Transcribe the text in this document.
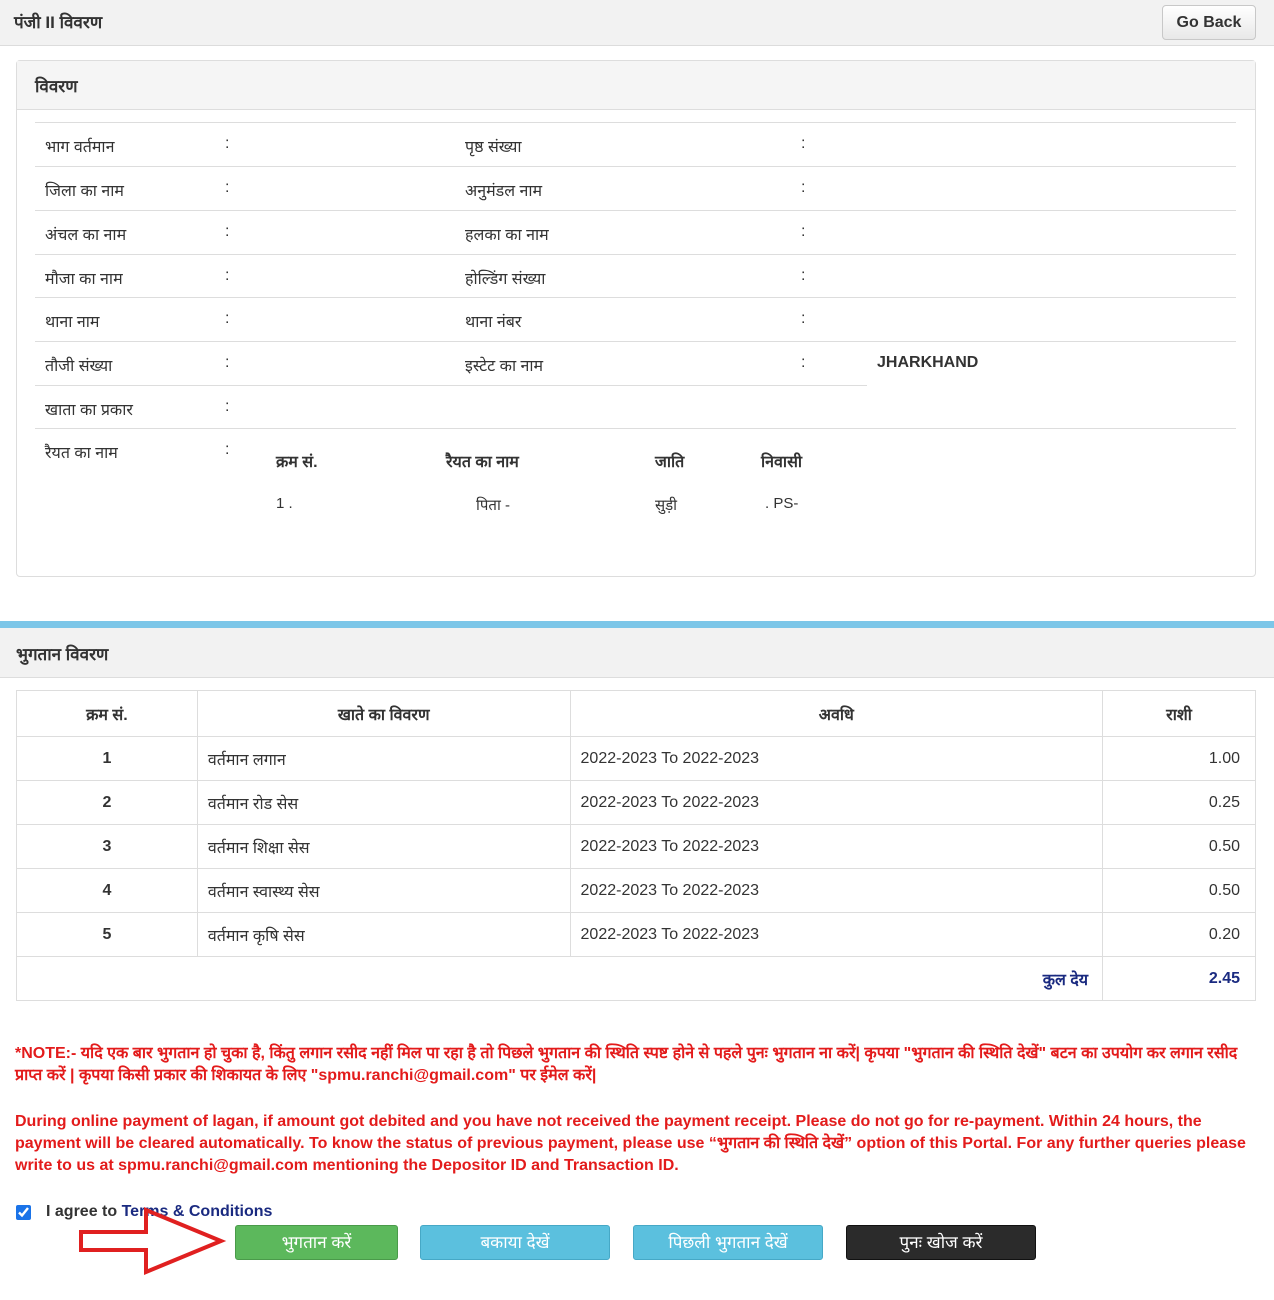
पंजी II विवरण	Go Back
विवरण
भाग वर्तमान	:	पृष्ठ संख्या	:
जिला का नाम	:	अनुमंडल नाम	:
अंचल का नाम	:	हलका का नाम	:
मौजा का नाम	:	होल्डिंग संख्या	:
थाना नाम	:	थाना नंबर	:
तौजी संख्या	:	इस्टेट का नाम	:	JHARKHAND
खाता का प्रकार	:
रैयत का नाम	:
क्रम सं.	रैयत का नाम	जाति	निवासी
1 .	पिता -	सुड़ी	. PS-
भुगतान विवरण
क्रम सं.	खाते का विवरण	अवधि	राशी
1	वर्तमान लगान	2022-2023 To 2022-2023	1.00
2	वर्तमान रोड सेस	2022-2023 To 2022-2023	0.25
3	वर्तमान शिक्षा सेस	2022-2023 To 2022-2023	0.50
4	वर्तमान स्वास्थ्य सेस	2022-2023 To 2022-2023	0.50
5	वर्तमान कृषि सेस	2022-2023 To 2022-2023	0.20
कुल देय			2.45
*NOTE:- यदि एक बार भुगतान हो चुका है, किंतु लगान रसीद नहीं मिल पा रहा है तो पिछले भुगतान की स्थिति स्पष्ट होने से पहले पुनः भुगतान ना करें| कृपया "भुगतान की स्थिति देखें" बटन का उपयोग कर लगान रसीद प्राप्त करें | कृपया किसी प्रकार की शिकायत के लिए "spmu.ranchi@gmail.com" पर ईमेल करें|
During online payment of lagan, if amount got debited and you have not received the payment receipt. Please do not go for re-payment. Within 24 hours, the payment will be cleared automatically. To know the status of previous payment, please use “भुगतान की स्थिति देखें” option of this Portal. For any further queries please write to us at spmu.ranchi@gmail.com mentioning the Depositor ID and Transaction ID.
I agree to Terms & Conditions
भुगतान करें	बकाया देखें	पिछली भुगतान देखें	पुनः खोज करें
